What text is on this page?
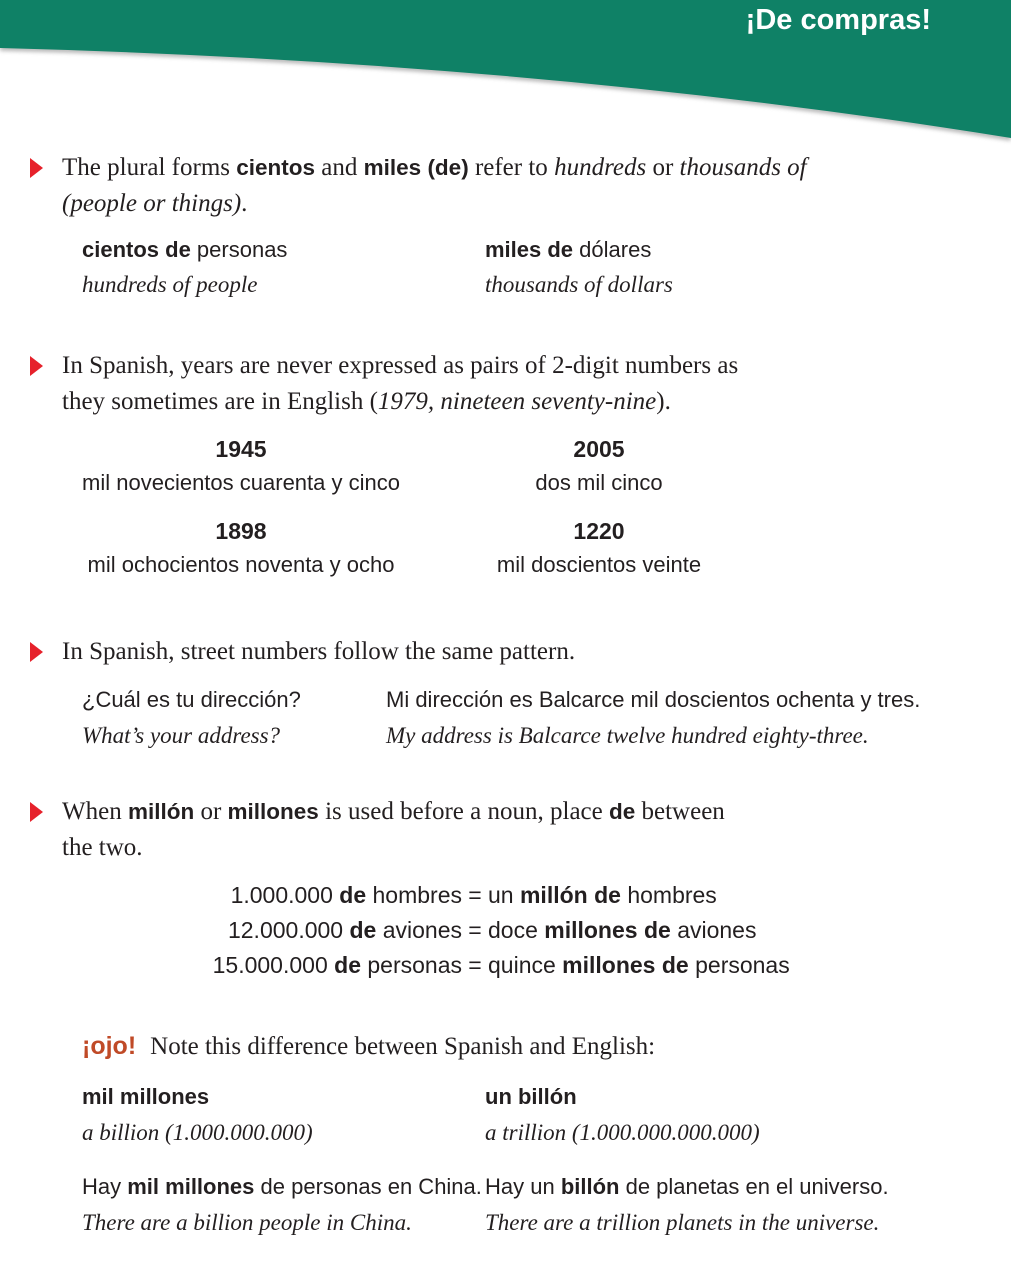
¡De compras!
The plural forms cientos and miles (de) refer to hundreds or thousands of
(people or things).
cientos de personas
hundreds of people
miles de dólares
thousands of dollars
In Spanish, years are never expressed as pairs of 2-digit numbers as
they sometimes are in English (1979, nineteen seventy-nine).
1945
mil novecientos cuarenta y cinco
2005
dos mil cinco
1898
mil ochocientos noventa y ocho
1220
mil doscientos veinte
In Spanish, street numbers follow the same pattern.
¿Cuál es tu dirección?
What’s your address?
Mi dirección es Balcarce mil doscientos ochenta y tres.
My address is Balcarce twelve hundred eighty-three.
When millón or millones is used before a noun, place de between
the two.
1.000.000 de hombres = un millón de hombres
12.000.000 de aviones = doce millones de aviones
15.000.000 de personas = quince millones de personas
¡ojo! Note this difference between Spanish and English:
mil millones
a billion (1.000.000.000)
un billón
a trillion (1.000.000.000.000)
Hay mil millones de personas en China.
There are a billion people in China.
Hay un billón de planetas en el universo.
There are a trillion planets in the universe.
